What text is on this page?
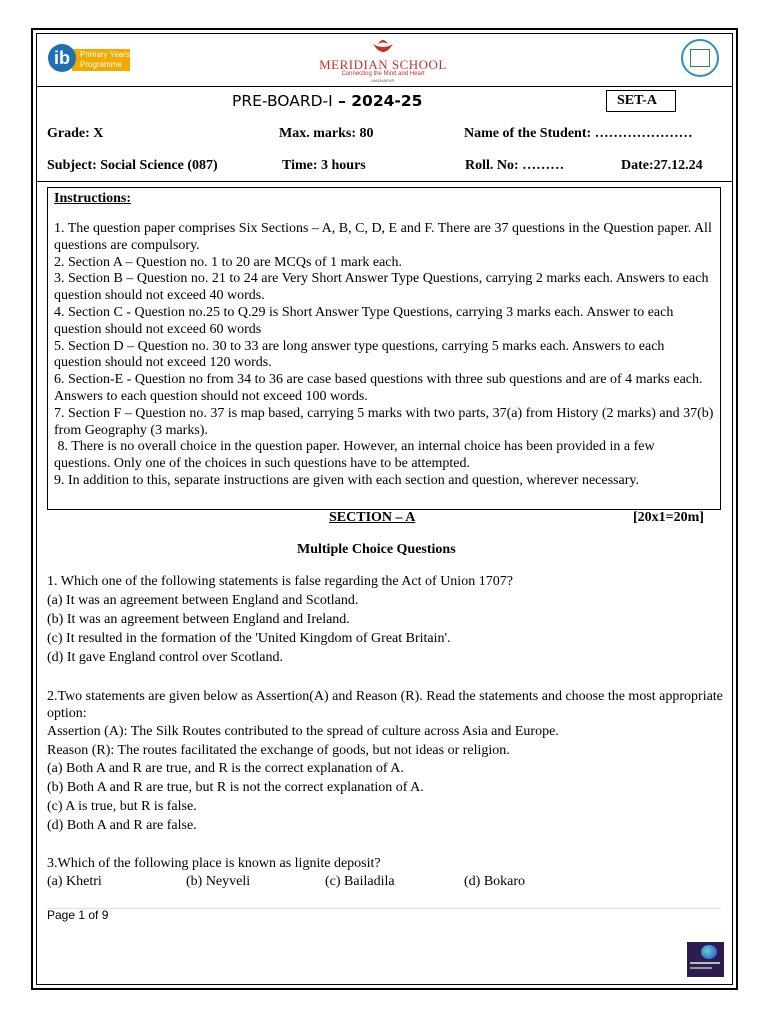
Primary Years
Programme
ib	MERIDIAN SCHOOL
Connecting the Mind and Heart
MADHAPUR
PRE-BOARD-I – 2024-25	SET-A
Grade: X	Max. marks: 80	Name of the Student: …………………
Subject: Social Science (087)	Time: 3 hours	Roll. No: ………	Date:27.12.24
Instructions:

1. The question paper comprises Six Sections – A, B, C, D, E and F. There are 37 questions in the Question paper. All questions are compulsory.

2. Section A – Question no. 1 to 20 are MCQs of 1 mark each.

3. Section B – Question no. 21 to 24 are Very Short Answer Type Questions, carrying 2 marks each. Answers to each question should not exceed 40 words.

4. Section C - Question no.25 to Q.29 is Short Answer Type Questions, carrying 3 marks each. Answer to each question should not exceed 60 words

5. Section D – Question no. 30 to 33 are long answer type questions, carrying 5 marks each. Answers to each question should not exceed 120 words.

6. Section-E - Question no from 34 to 36 are case based questions with three sub questions and are of 4 marks each. Answers to each question should not exceed 100 words.

7. Section F – Question no. 37 is map based, carrying 5 marks with two parts, 37(a) from History (2 marks) and 37(b) from Geography (3 marks).

8. There is no overall choice in the question paper. However, an internal choice has been provided in a few questions. Only one of the choices in such questions have to be attempted.

9. In addition to this, separate instructions are given with each section and question, wherever necessary.

SECTION – A	[20x1=20m]
Multiple Choice Questions

1. Which one of the following statements is false regarding the Act of Union 1707?

(a) It was an agreement between England and Scotland.

(b) It was an agreement between England and Ireland.

(c) It resulted in the formation of the 'United Kingdom of Great Britain'.

(d) It gave England control over Scotland.

2.Two statements are given below as Assertion(A) and Reason (R). Read the statements and choose the most appropriate option:

Assertion (A): The Silk Routes contributed to the spread of culture across Asia and Europe.

Reason (R): The routes facilitated the exchange of goods, but not ideas or religion.

(a) Both A and R are true, and R is the correct explanation of A.

(b) Both A and R are true, but R is not the correct explanation of A.

(c) A is true, but R is false.

(d) Both A and R are false.

3.Which of the following place is known as lignite deposit?

(a) Khetri	(b) Neyveli	(c) Bailadila	(d) Bokaro
Page 1 of 9
